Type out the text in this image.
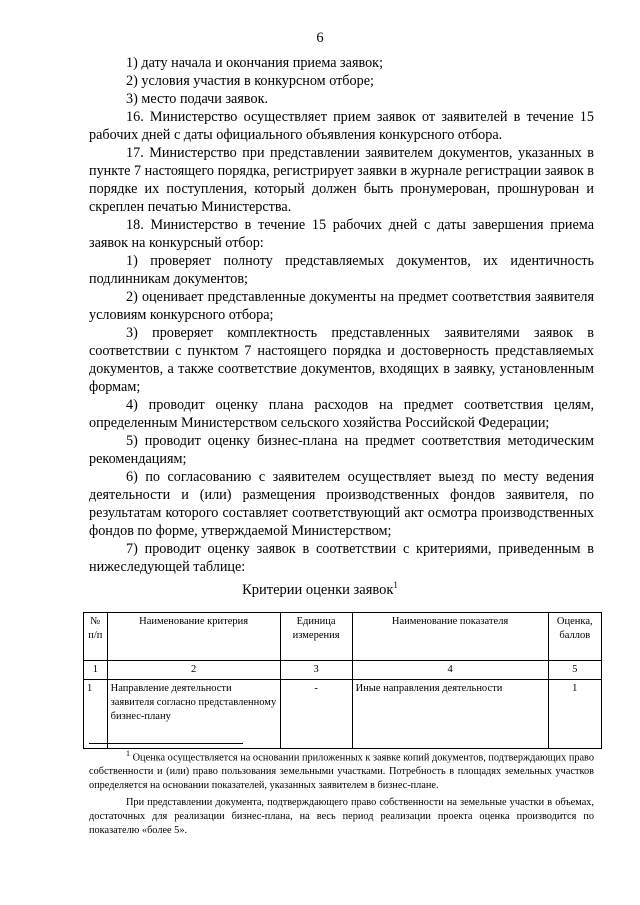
6

1) дату начала и окончания приема заявок;

2) условия участия в конкурсном отборе;

3) место подачи заявок.

16. Министерство осуществляет прием заявок от заявителей в течение 15 рабочих дней с даты официального объявления конкурсного отбора.

17. Министерство при представлении заявителем документов, указанных в пункте 7 настоящего порядка, регистрирует заявки в журнале регистрации заявок в порядке их поступления, который должен быть пронумерован, прошнурован и скреплен печатью Министерства.

18. Министерство в течение 15 рабочих дней с даты завершения приема заявок на конкурсный отбор:

1) проверяет полноту представляемых документов, их идентичность подлинникам документов;

2) оценивает представленные документы на предмет соответствия заявителя условиям конкурсного отбора;

3) проверяет комплектность представленных заявителями заявок в соответствии с пунктом 7 настоящего порядка и достоверность представляемых документов, а также соответствие документов, входящих в заявку, установленным формам;

4) проводит оценку плана расходов на предмет соответствия целям, определенным Министерством сельского хозяйства Российской Федерации;

5) проводит оценку бизнес-плана на предмет соответствия методическим рекомендациям;

6) по согласованию с заявителем осуществляет выезд по месту ведения деятельности и (или) размещения производственных фондов заявителя, по результатам которого составляет соответствующий акт осмотра производственных фондов по форме, утверждаемой Министерством;

7) проводит оценку заявок в соответствии с критериями, приведенным в нижеследующей таблице:

Критерии оценки заявок$^1$
№ п/п	Наименование критерия	Единица измерения	Наименование показателя	Оценка, баллов
1	2	3	4	5
1	Направление деятельности заявителя согласно представленному бизнес-плану	-	Иные направления деятельности	1

$^1$ Оценка осуществляется на основании приложенных к заявке копий документов, подтверждающих право собственности и (или) право пользования земельными участками. Потребность в площадях земельных участков определяется на основании показателей, указанных заявителем в бизнес-плане.

При представлении документа, подтверждающего право собственности на земельные участки в объемах, достаточных для реализации бизнес-плана, на весь период реализации проекта оценка производится по показателю «более 5».
